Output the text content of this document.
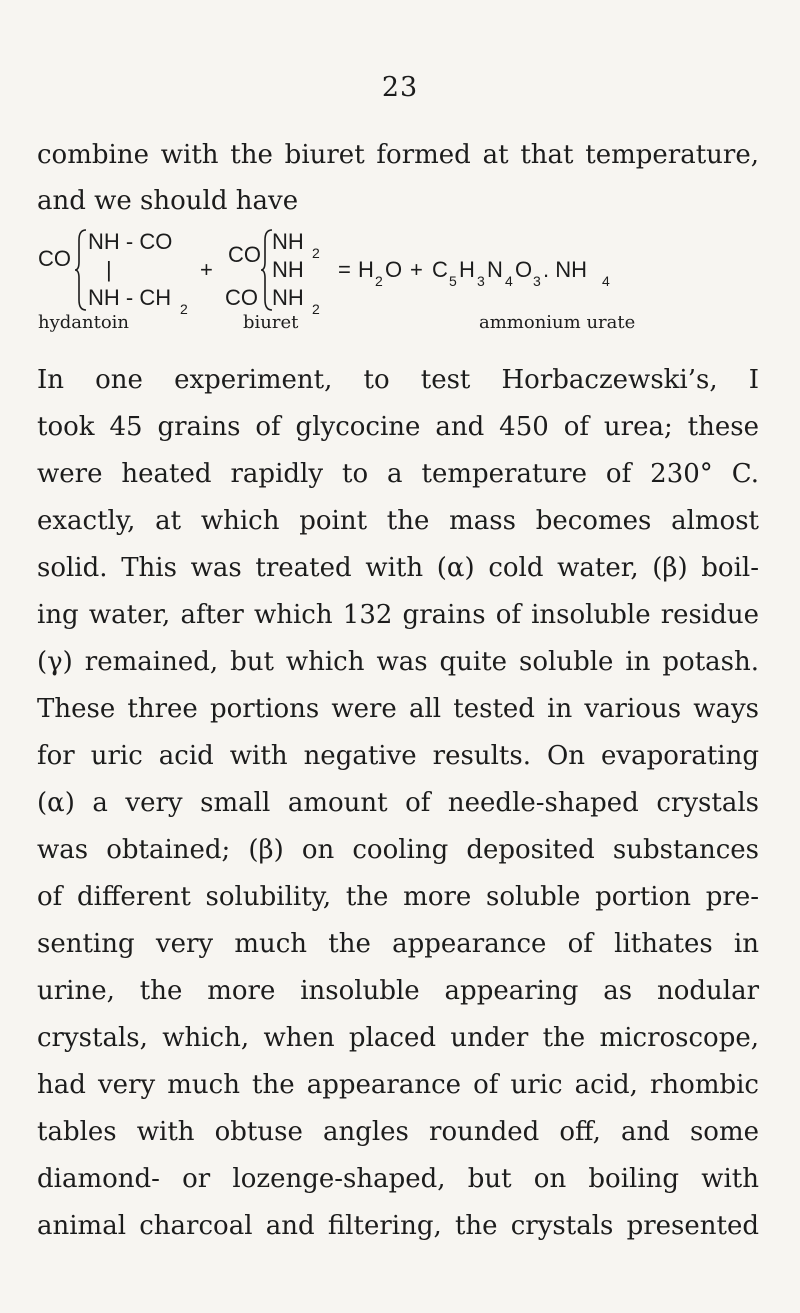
23
combine with the biuret formed at that temperature,
and we should have
CO
NH - CO
|
NH - CH 2
+
CO
CO
NH 2
NH
NH 2
= H 2 O + C 5 H 3 N 4 O 3 . NH 4
hydantoin	biuret	ammonium urate
In one experiment, to test Horbaczewski’s, I
took 45 grains of glycocine and 450 of urea; these
were heated rapidly to a temperature of 230° C.
exactly, at which point the mass becomes almost
solid. This was treated with (α) cold water, (β) boil-
ing water, after which 132 grains of insoluble residue
(γ) remained, but which was quite soluble in potash.
These three portions were all tested in various ways
for uric acid with negative results. On evaporating
(α) a very small amount of needle-shaped crystals
was obtained; (β) on cooling deposited substances
of different solubility, the more soluble portion pre-
senting very much the appearance of lithates in
urine, the more insoluble appearing as nodular
crystals, which, when placed under the microscope,
had very much the appearance of uric acid, rhombic
tables with obtuse angles rounded off, and some
diamond- or lozenge-shaped, but on boiling with
animal charcoal and filtering, the crystals presented
